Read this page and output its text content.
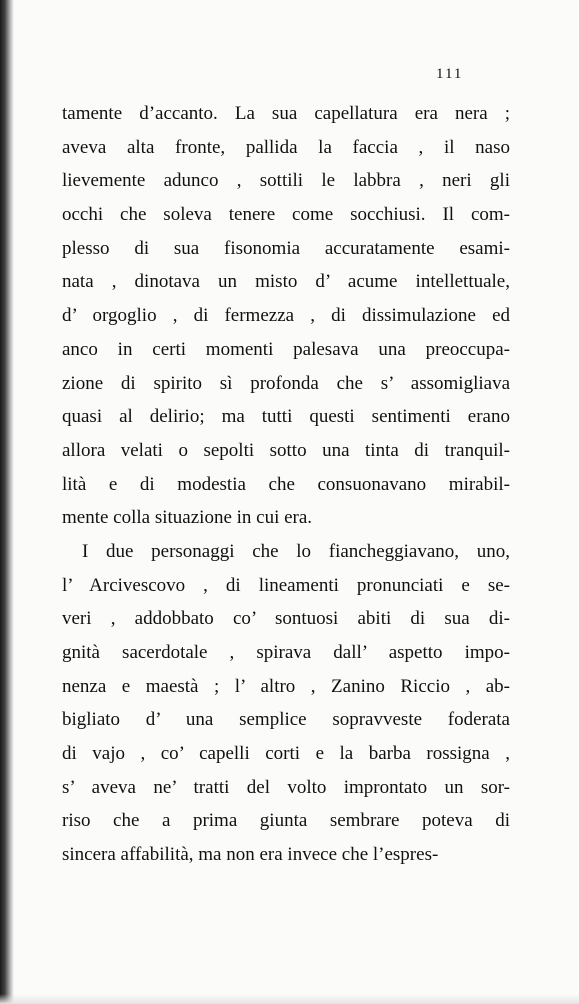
111
tamente d’accanto. La sua capellatura era nera ;
aveva alta fronte, pallida la faccia , il naso
lievemente adunco , sottili le labbra , neri gli
occhi che soleva tenere come socchiusi. Il com-
plesso di sua fisonomia accuratamente esami-
nata , dinotava un misto d’ acume intellettuale,
d’ orgoglio , di fermezza , di dissimulazione ed
anco in certi momenti palesava una preoccupa-
zione di spirito sì profonda che s’ assomigliava
quasi al delirio; ma tutti questi sentimenti erano
allora velati o sepolti sotto una tinta di tranquil-
lità e di modestia che consuonavano mirabil-
mente colla situazione in cui era.
I due personaggi che lo fiancheggiavano, uno,
l’ Arcivescovo , di lineamenti pronunciati e se-
veri , addobbato co’ sontuosi abiti di sua di-
gnità sacerdotale , spirava dall’ aspetto impo-
nenza e maestà ; l’ altro , Zanino Riccio , ab-
bigliato d’ una semplice sopravveste foderata
di vajo , co’ capelli corti e la barba rossigna ,
s’ aveva ne’ tratti del volto improntato un sor-
riso che a prima giunta sembrare poteva di
sincera affabilità, ma non era invece che l’espres-
